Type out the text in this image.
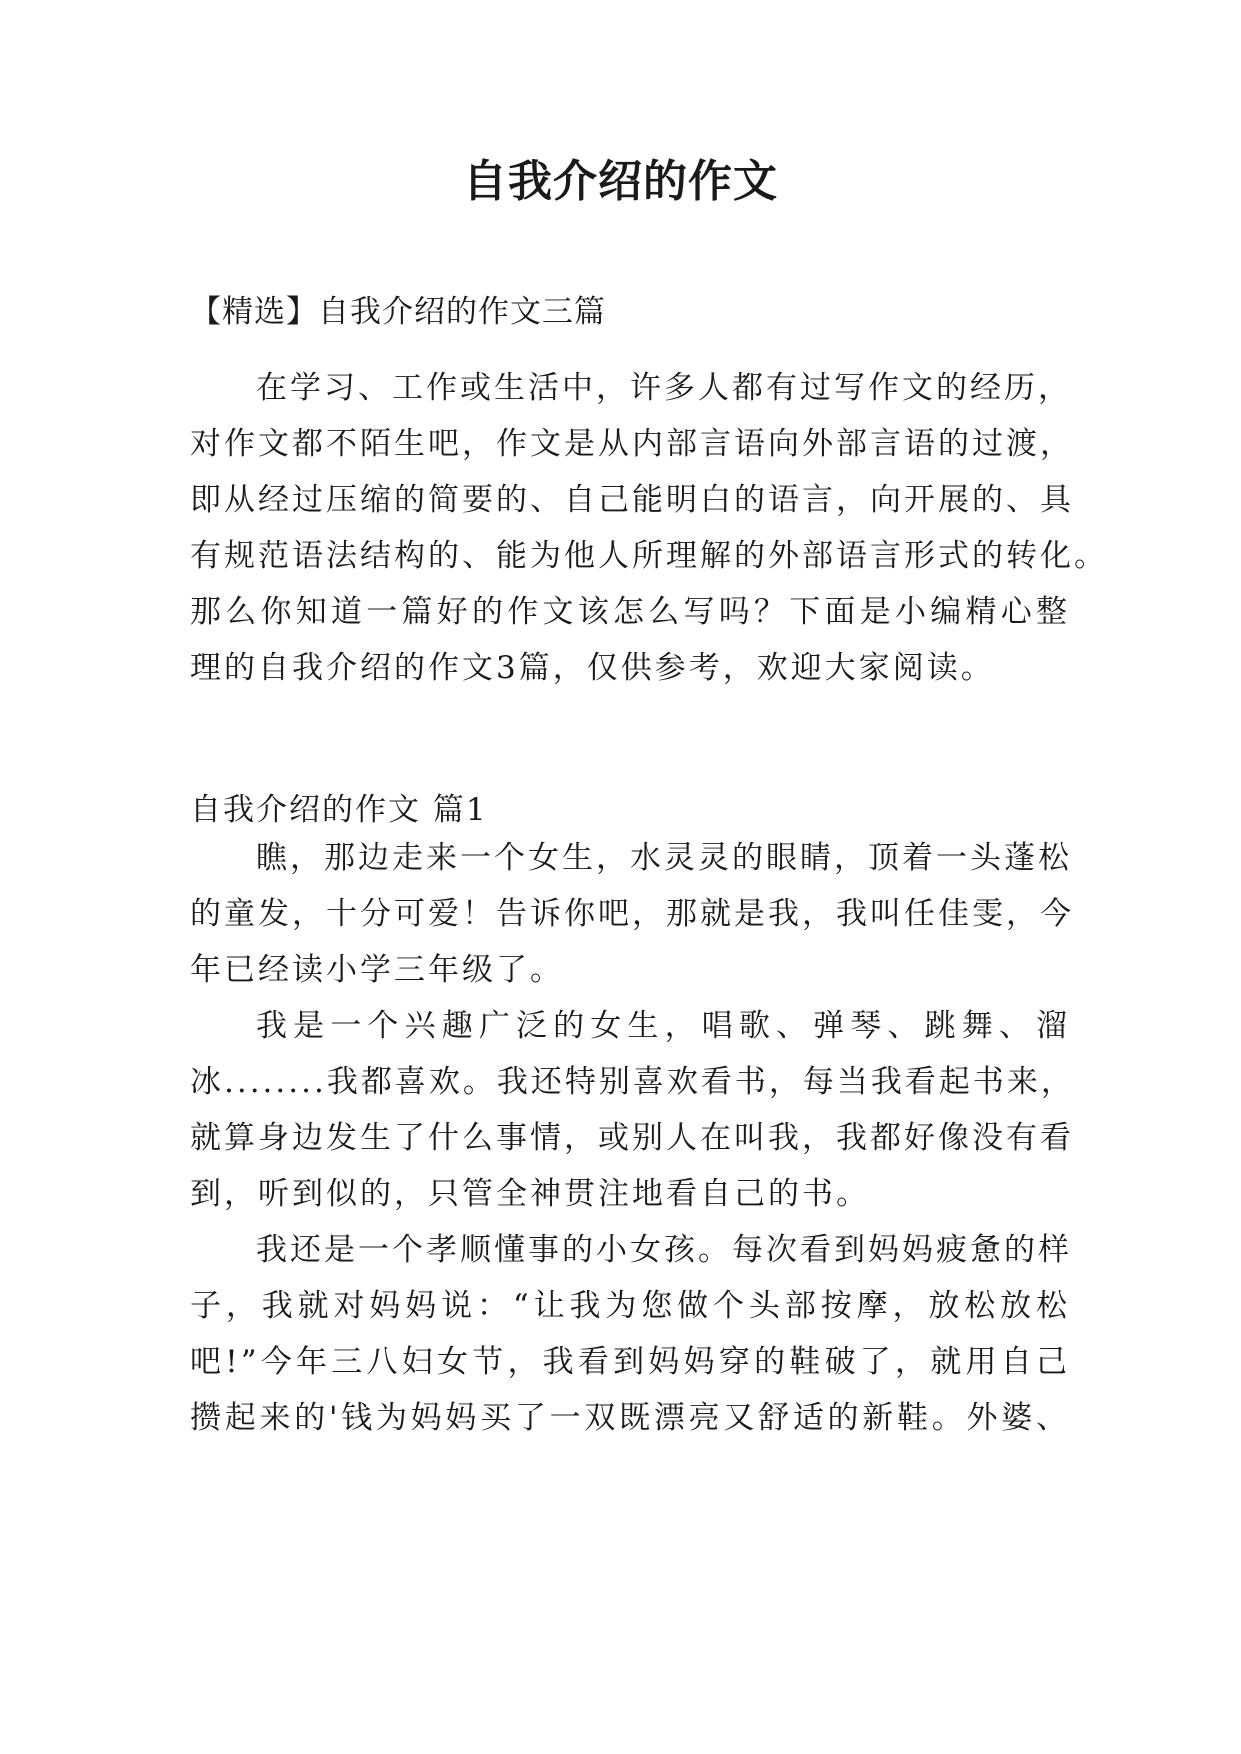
自我介绍的作文
【精选】自我介绍的作文三篇
在学习、工作或生活中，许多人都有过写作文的经历，
对作文都不陌生吧，作文是从内部言语向外部言语的过渡，
即从经过压缩的简要的、自己能明白的语言，向开展的、具
有规范语法结构的、能为他人所理解的外部语言形式的转化。
那么你知道一篇好的作文该怎么写吗？下面是小编精心整
理的自我介绍的作文3篇，仅供参考，欢迎大家阅读。
自我介绍的作文 篇1
瞧，那边走来一个女生，水灵灵的眼睛，顶着一头蓬松
的童发，十分可爱！告诉你吧，那就是我，我叫任佳雯，今
年已经读小学三年级了。
我是一个兴趣广泛的女生，唱歌、弹琴、跳舞、溜
冰........我都喜欢。我还特别喜欢看书，每当我看起书来，
就算身边发生了什么事情，或别人在叫我，我都好像没有看
到，听到似的，只管全神贯注地看自己的书。
我还是一个孝顺懂事的小女孩。每次看到妈妈疲惫的样
子，我就对妈妈说：“让我为您做个头部按摩，放松放松
吧!”今年三八妇女节，我看到妈妈穿的鞋破了，就用自己
攒起来的'钱为妈妈买了一双既漂亮又舒适的新鞋。外婆、
